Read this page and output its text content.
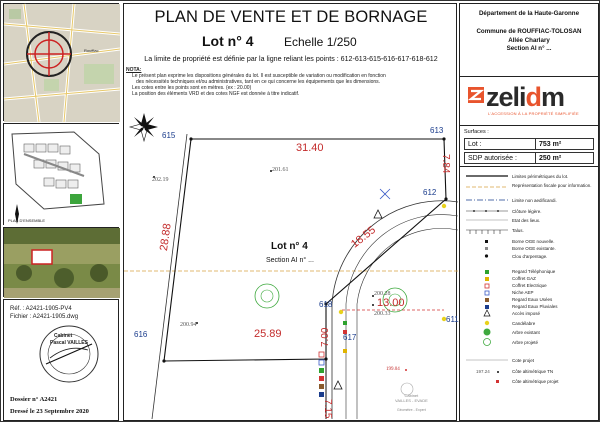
Rouffiac
PLAN D'ENSEMBLE
Réf. : A2421-1905-PV4
Fichier : A2421-1905.dwg
Cabinet
Pascal VAILLES
Dossier n° A2421
Dressé le 23 Septembre 2020
PLAN DE VENTE ET DE BORNAGE
Lot n° 4	Echelle 1/250
La limite de propriété est définie par la ligne reliant les points : 612-613-615-616-617-618-612
NOTA:
Le présent plan exprime les dispositions générales du lot. Il est susceptible de variation ou modification en fonction
des nécessités techniques et/ou administratives, tant en ce qui concerne les équipements que les dimensions.
Les cotes entre les points sont en mètres. (ex : 20.00)
La position des éléments VRD et des cotes NGF est donnée à titre indicatif.
615
613
612
618
616	617
611
31.40
28.88
25.89
18.55
13.00
7.84
7.00
7.15
202.19
201.61
200.94
200.28
200.33
199.04
Lot n° 4
Section AI n° ...
Cabinet
VAILLES - EVADE
Géomètre - Expert
Département de la Haute-Garonne
Commune de ROUFFIAC-TOLOSAN
Allée Charlary
Section AI n° ...
zelidm
L'ACCESSION À LA PROPRIÉTÉ SIMPLIFIÉE
Surfaces :
Lot :	753 m²
SDP autorisée :	250 m²
Limites périmétriques du lot.
Représentation fiscale pour information.
Limite non aedificandi.
Clôture légère.
Etat des lieux.
Talus.
Borne OGE nouvelle.
Borne OGE existante.
Clou d'arpentage.
Regard Téléphonique
Coffret GAZ
Coffret Electrique
Niche AEP
Regard Eaux Usées
Regard Eaux Pluviales
Accès imposé
Candélabre
Arbre existant
Arbre projeté
Cote projet
197.24	Côte altimétrique TN
Côte altimétrique projet
